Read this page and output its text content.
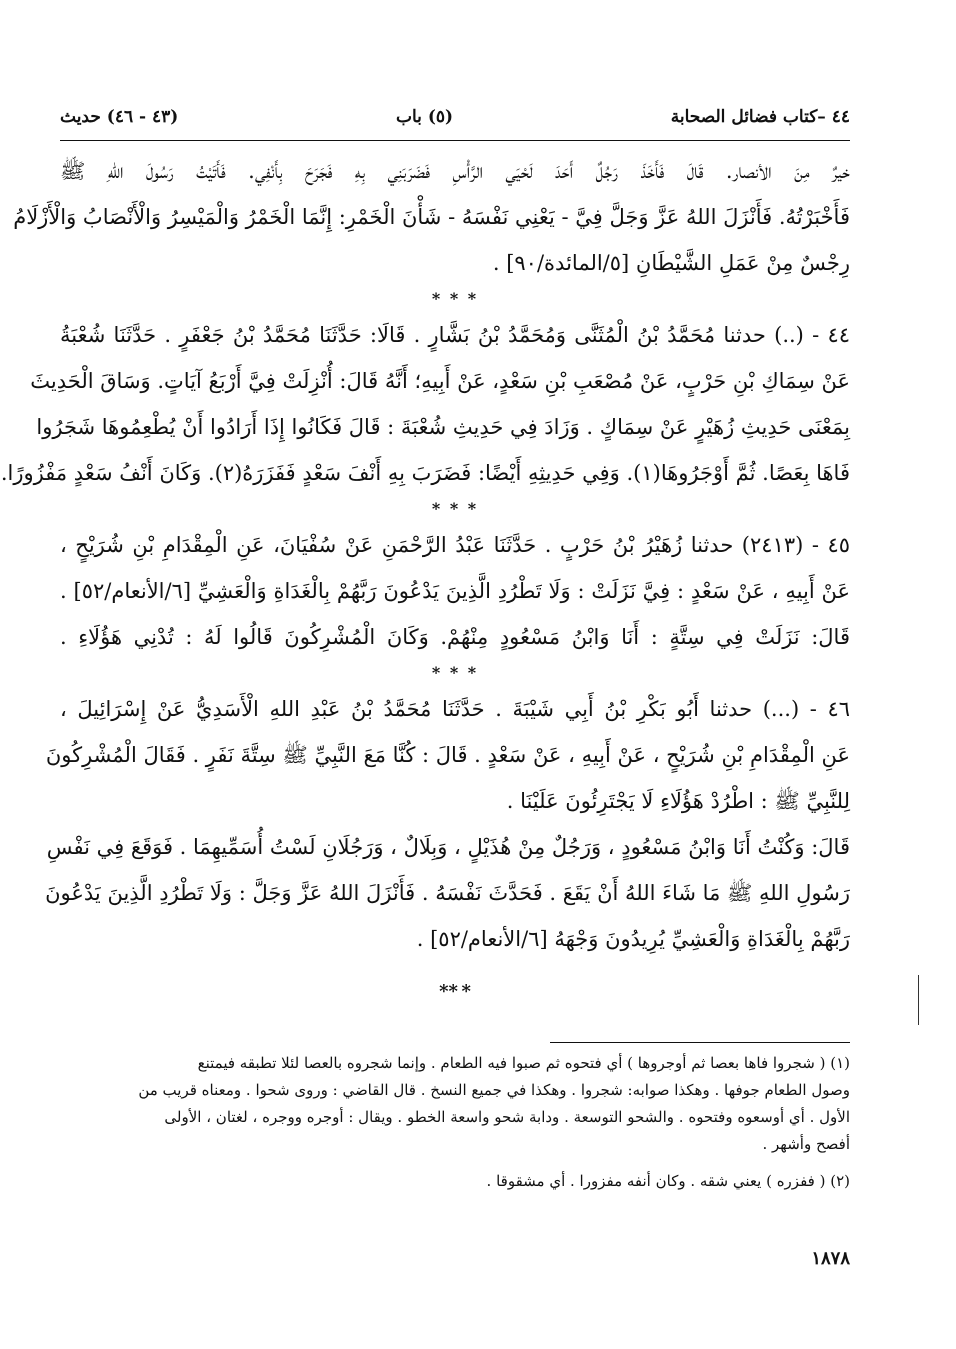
٤٤ –كتاب فضائل الصحابة
(٥) باب
(٤٣ - ٤٦) حديث

خيرٌ مِنَ الأنصار. قَالَ فَأَخَذَ رَجُلٌ أَحَدَ لَحْيَي الرَّأْسِ فَضَرَبَنِي بِهِ فَجَرَحَ بِأَنْفِي. فَأَتَيْتُ رَسُولَ اللهِ ﷺ

فَأَخْبَرْتُهُ. فَأَنْزَلَ اللهُ عَزَّ وَجَلَّ فِيَّ - يَعْنِي نَفْسَهُ - شَأْنَ الْخَمْرِ: إِنَّمَا الْخَمْرُ وَالْمَيْسِرُ وَالْأَنْصَابُ وَالْأَزْلَامُ

رِجْسٌ مِنْ عَمَلِ الشَّيْطَانِ [٥/المائدة/٩٠] .

* * *

٤٤ - (..) حدثنا مُحَمَّدُ بْنُ الْمُثَنَّى وَمُحَمَّدُ بْنُ بَشَّارٍ . قَالَا: حَدَّثَنَا مُحَمَّدُ بْنُ جَعْفَرٍ . حَدَّثَنَا شُعْبَةُ

عَنْ سِمَاكِ بْنِ حَرْبٍ، عَنْ مُصْعَبِ بْنِ سَعْدٍ، عَنْ أَبِيهِ؛ أَنَّهُ قَالَ: أُنْزِلَتْ فِيَّ أَرْبَعُ آيَاتٍ. وَسَاقَ الْحَدِيثَ

بِمَعْنَى حَدِيثِ زُهَيْرٍ عَنْ سِمَاكٍ . وَزَادَ فِي حَدِيثِ شُعْبَةَ : قَالَ فَكَانُوا إِذَا أَرَادُوا أَنْ يُطْعِمُوهَا شَجَرُوا

فَاهَا بِعَصًا. ثُمَّ أَوْجَرُوهَا(١). وَفِي حَدِيثِهِ أَيْضًا: فَضَرَبَ بِهِ أَنْفَ سَعْدٍ فَفَزَرَهُ(٢). وَكَانَ أَنْفُ سَعْدٍ مَفْزُورًا.

* * *

٤٥ - (٢٤١٣) حدثنا زُهَيْرُ بْنُ حَرْبٍ . حَدَّثَنَا عَبْدُ الرَّحْمَنِ عَنْ سُفْيَانَ، عَنِ الْمِقْدَامِ بْنِ شُرَيْحٍ ،

عَنْ أَبِيهِ ، عَنْ سَعْدٍ : فِيَّ نَزَلَتْ : وَلَا تَطْرُدِ الَّذِينَ يَدْعُونَ رَبَّهُمْ بِالْغَدَاةِ وَالْعَشِيِّ [٦/الأنعام/٥٢] .

قَالَ: نَزَلَتْ فِي سِتَّةٍ : أَنَا وَابْنُ مَسْعُودٍ مِنْهُمْ. وَكَانَ الْمُشْرِكُونَ قَالُوا لَهُ : تُدْنِي هَؤُلَاءِ .

* * *

٤٦ - (...) حدثنا أَبُو بَكْرِ بْنُ أَبِي شَيْبَةَ . حَدَّثَنَا مُحَمَّدُ بْنُ عَبْدِ اللهِ الْأَسَدِيُّ عَنْ إِسْرَائِيلَ ،

عَنِ الْمِقْدَامِ بْنِ شُرَيْحٍ ، عَنْ أَبِيهِ ، عَنْ سَعْدٍ . قَالَ : كُنَّا مَعَ النَّبِيِّ ﷺ سِتَّةَ نَفَرٍ . فَقَالَ الْمُشْرِكُونَ

لِلنَّبِيِّ ﷺ : اطْرُدْ هَؤُلَاءِ لَا يَجْتَرِئُونَ عَلَيْنَا .

قَالَ: وَكُنْتُ أَنَا وَابْنُ مَسْعُودٍ ، وَرَجُلٌ مِنْ هُذَيْلٍ ، وَبِلَالٌ ، وَرَجُلَانِ لَسْتُ أُسَمِّيهِمَا . فَوَقَعَ فِي نَفْسِ

رَسُولِ اللهِ ﷺ مَا شَاءَ اللهُ أَنْ يَقَعَ . فَحَدَّثَ نَفْسَهُ . فَأَنْزَلَ اللهُ عَزَّ وَجَلَّ : وَلَا تَطْرُدِ الَّذِينَ يَدْعُونَ

رَبَّهُمْ بِالْغَدَاةِ وَالْعَشِيِّ يُرِيدُونَ وَجْهَهُ [٦/الأنعام/٥٢] .

* **

(١) ( شجروا فاها بعصا ثم أوجروها ) أي فتحوه ثم صبوا فيه الطعام . وإنما شجروه بالعصا لئلا تطبقه فيمتنع
وصول الطعام جوفها . وهكذا صوابه: شجروا . وهكذا في جميع النسخ . قال القاضي : وروى شحوا . ومعناه قريب من
الأول . أي أوسعوه وفتحوه . والشحو التوسعة . ودابة شحو واسعة الخطو . ويقال : أوجره ووجره ، لغتان ، الأولى
أفصح وأشهر .

(٢) ( ففزره ) يعني شقه . وكان أنفه مفزورا . أي مشقوقا .

١٨٧٨
